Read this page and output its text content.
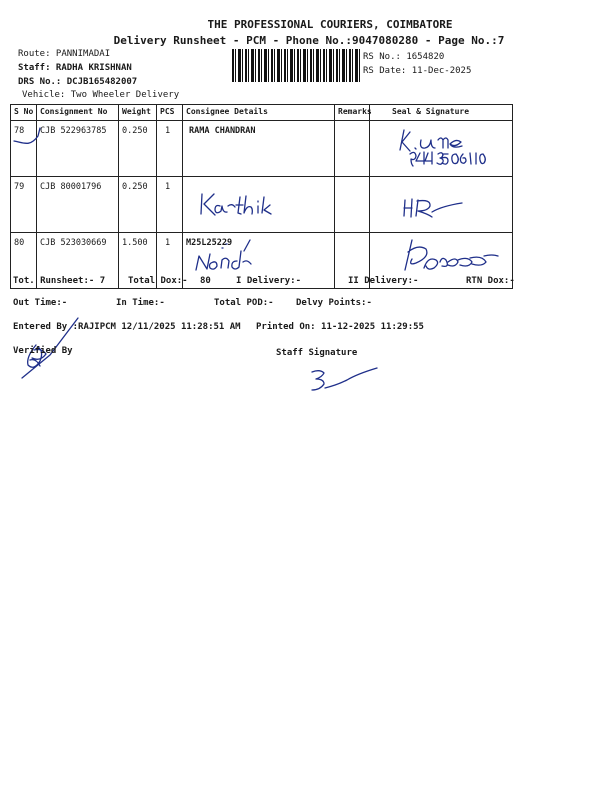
THE PROFESSIONAL COURIERS, COIMBATORE
Delivery Runsheet - PCM - Phone No.:9047080280 - Page No.:7
Route: PANNIMADAI
Staff: RADHA KRISHNAN
DRS No.: DCJB165482007
Vehicle: Two Wheeler Delivery
RS No.: 1654820
RS Date: 11-Dec-2025
S No	Consignment No	Weight	PCS	Consignee Details	Remarks	Seal & Signature
78	CJB 522963785	0.250	1	RAMA CHANDRAN		
79	CJB 80001796	0.250	1			
80	CJB 523030669	1.500	1	M25L25229		
Tot. Runsheet:- 7	Total Dox:- 80	I Delivery:-	II Delivery:-	RTN Dox:-
Out Time:-	In Time:-	Total POD:- Delvy Points:-
Entered By :RAJIPCM 12/11/2025 11:28:51 AM Printed On: 11-12-2025 11:29:55
Verified By	Staff Signature
